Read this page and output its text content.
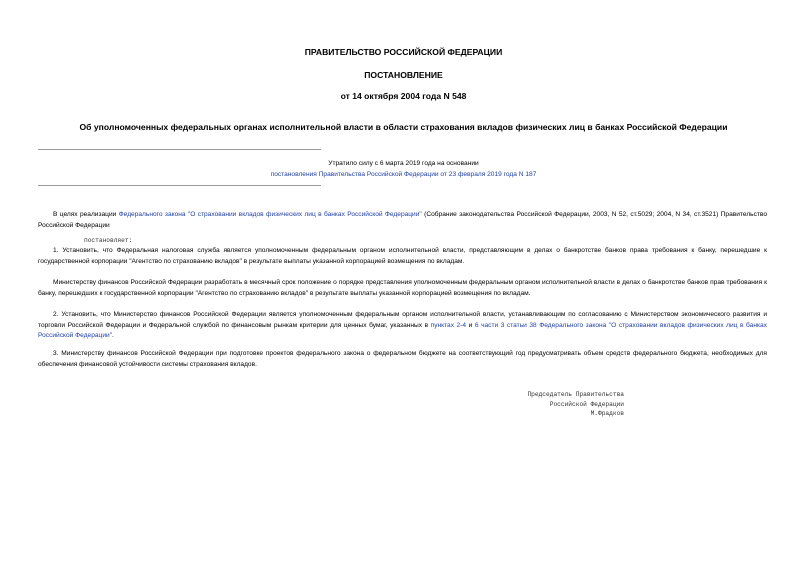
ПРАВИТЕЛЬСТВО РОССИЙСКОЙ ФЕДЕРАЦИИ
ПОСТАНОВЛЕНИЕ
от 14 октября 2004 года N 548
Об уполномоченных федеральных органах исполнительной власти в области страхования вкладов физических лиц в банках Российской Федерации
Утратило силу с 6 марта 2019 года на основании
постановления Правительства Российской Федерации от 23 февраля 2019 года N 187
В целях реализации Федерального закона "О страховании вкладов физических лиц в банках Российской Федерации" (Собрание законодательства Российской Федерации, 2003, N 52, ст.5029; 2004, N 34, ст.3521) Правительство Российской Федерации
постановляет:
1. Установить, что Федеральная налоговая служба является уполномоченным федеральным органом исполнительной власти, представляющим в делах о банкротстве банков права требования к банку, перешедшие к государственной корпорации "Агентство по страхованию вкладов" в результате выплаты указанной корпорацией возмещения по вкладам.
Министерству финансов Российской Федерации разработать в месячный срок положение о порядке представления уполномоченным федеральным органом исполнительной власти в делах о банкротстве банков прав требования к банку, перешедших к государственной корпорации "Агентство по страхованию вкладов" в результате выплаты указанной корпорацией возмещения по вкладам.
2. Установить, что Министерство финансов Российской Федерации является уполномоченным федеральным органом исполнительной власти, устанавливающим по согласованию с Министерством экономического развития и торговли Российской Федерации и Федеральной службой по финансовым рынкам критерии для ценных бумаг, указанных в пунктах 2-4 и 6 части 3 статьи 38 Федерального закона "О страховании вкладов физических лиц в банках Российской Федерации".
3. Министерству финансов Российской Федерации при подготовке проектов федерального закона о федеральном бюджете на соответствующий год предусматривать объем средств федерального бюджета, необходимых для обеспечения финансовой устойчивости системы страхования вкладов.
Председатель Правительства
Российской Федерации
М.Фрадков
